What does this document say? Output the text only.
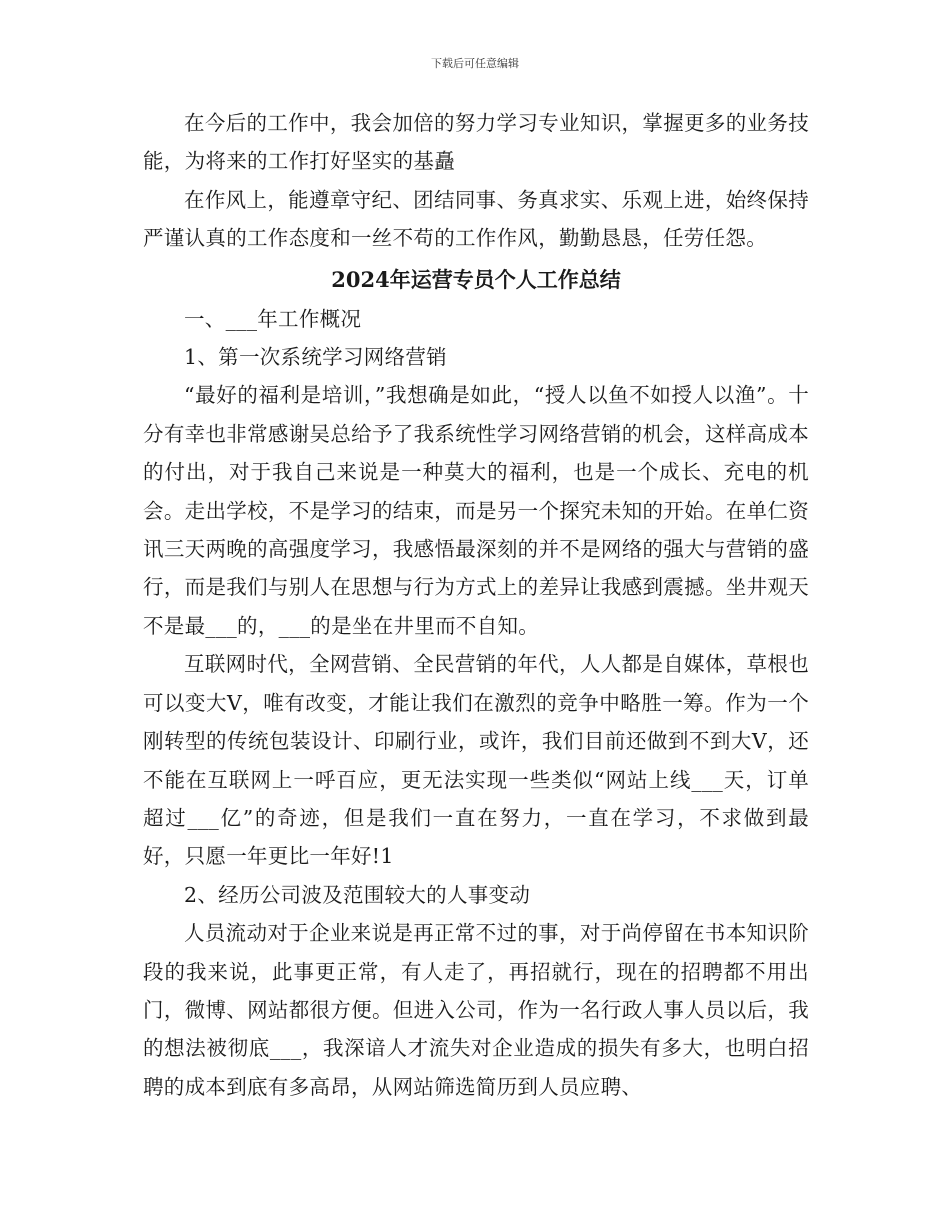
下载后可任意编辑

在今后的工作中，我会加倍的努力学习专业知识，掌握更多的业务技能，为将来的工作打好坚实的基矗

在作风上，能遵章守纪、团结同事、务真求实、乐观上进，始终保持严谨认真的工作态度和一丝不苟的工作作风，勤勤恳恳，任劳任怨。

2024年运营专员个人工作总结

一、___年工作概况

1、第一次系统学习网络营销

“最好的福利是培训，”我想确是如此，“授人以鱼不如授人以渔”。十分有幸也非常感谢吴总给予了我系统性学习网络营销的机会，这样高成本的付出，对于我自己来说是一种莫大的福利，也是一个成长、充电的机会。走出学校，不是学习的结束，而是另一个探究未知的开始。在单仁资讯三天两晚的高强度学习，我感悟最深刻的并不是网络的强大与营销的盛行，而是我们与别人在思想与行为方式上的差异让我感到震撼。坐井观天不是最___的，___的是坐在井里而不自知。

互联网时代，全网营销、全民营销的年代，人人都是自媒体，草根也可以变大V，唯有改变，才能让我们在激烈的竞争中略胜一筹。作为一个刚转型的传统包装设计、印刷行业，或许，我们目前还做到不到大V，还不能在互联网上一呼百应，更无法实现一些类似“网站上线___天，订单超过___亿”的奇迹，但是我们一直在努力，一直在学习，不求做到最好，只愿一年更比一年好!1

2、经历公司波及范围较大的人事变动

人员流动对于企业来说是再正常不过的事，对于尚停留在书本知识阶段的我来说，此事更正常，有人走了，再招就行，现在的招聘都不用出门，微博、网站都很方便。但进入公司，作为一名行政人事人员以后，我的想法被彻底___，我深谙人才流失对企业造成的损失有多大，也明白招聘的成本到底有多高昂，从网站筛选简历到人员应聘、
